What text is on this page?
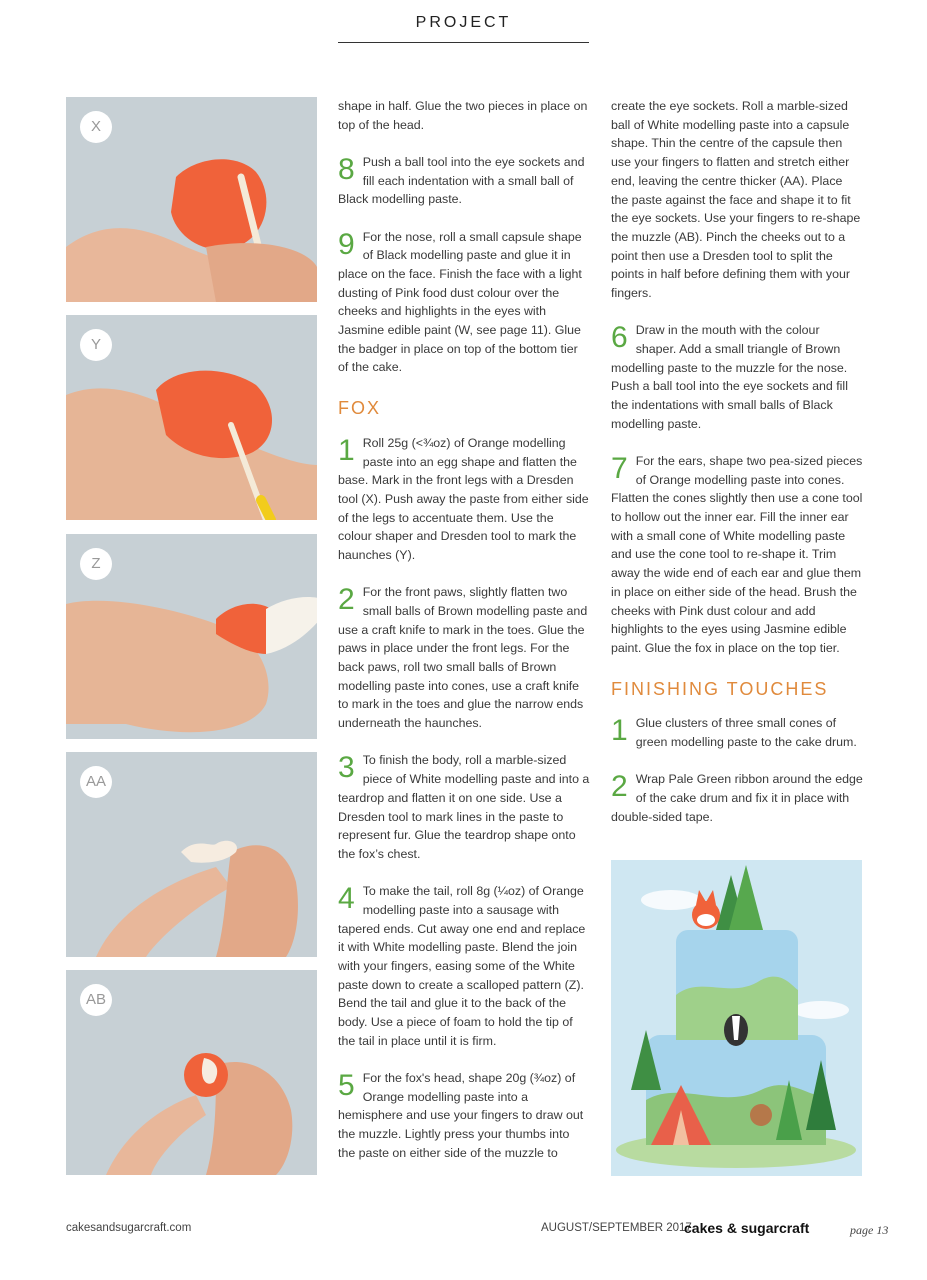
PROJECT
X
Y
Z
AA
AB

shape in half. Glue the two pieces in place on top of the head.

8 Push a ball tool into the eye sockets and fill each indentation with a small ball of Black modelling paste.
9 For the nose, roll a small capsule shape of Black modelling paste and glue it in place on the face. Finish the face with a light dusting of Pink food dust colour over the cheeks and highlights in the eyes with Jasmine edible paint (W, see page 11). Glue the badger in place on top of the bottom tier of the cake.
FOX
1 Roll 25g (<¾oz) of Orange modelling paste into an egg shape and flatten the base. Mark in the front legs with a Dresden tool (X). Push away the paste from either side of the legs to accentuate them. Use the colour shaper and Dresden tool to mark the haunches (Y).
2 For the front paws, slightly flatten two small balls of Brown modelling paste and use a craft knife to mark in the toes. Glue the paws in place under the front legs. For the back paws, roll two small balls of Brown modelling paste into cones, use a craft knife to mark in the toes and glue the narrow ends underneath the haunches.
3 To finish the body, roll a marble-sized piece of White modelling paste and into a teardrop and flatten it on one side. Use a Dresden tool to mark lines in the paste to represent fur. Glue the teardrop shape onto the fox’s chest.
4 To make the tail, roll 8g (¼oz) of Orange modelling paste into a sausage with tapered ends. Cut away one end and replace it with White modelling paste. Blend the join with your fingers, easing some of the White paste down to create a scalloped pattern (Z). Bend the tail and glue it to the back of the body. Use a piece of foam to hold the tip of the tail in place until it is firm.
5 For the fox's head, shape 20g (¾oz) of Orange modelling paste into a hemisphere and use your fingers to draw out the muzzle. Lightly press your thumbs into the paste on either side of the muzzle to

create the eye sockets. Roll a marble-sized ball of White modelling paste into a capsule shape. Thin the centre of the capsule then use your fingers to flatten and stretch either end, leaving the centre thicker (AA). Place the paste against the face and shape it to fit the eye sockets. Use your fingers to re-shape the muzzle (AB). Pinch the cheeks out to a point then use a Dresden tool to split the points in half before defining them with your fingers.

6 Draw in the mouth with the colour shaper. Add a small triangle of Brown modelling paste to the muzzle for the nose. Push a ball tool into the eye sockets and fill the indentations with small balls of Black modelling paste.
7 For the ears, shape two pea-sized pieces of Orange modelling paste into cones. Flatten the cones slightly then use a cone tool to hollow out the inner ear. Fill the inner ear with a small cone of White modelling paste and use the cone tool to re-shape it. Trim away the wide end of each ear and glue them in place on either side of the head. Brush the cheeks with Pink dust colour and add highlights to the eyes using Jasmine edible paint. Glue the fox in place on the top tier.
FINISHING TOUCHES
1 Glue clusters of three small cones of green modelling paste to the cake drum.
2 Wrap Pale Green ribbon around the edge of the cake drum and fix it in place with double-sided tape.
cakesandsugarcraft.com	AUGUST/SEPTEMBER 2017
cakes & sugarcraft	page 13
